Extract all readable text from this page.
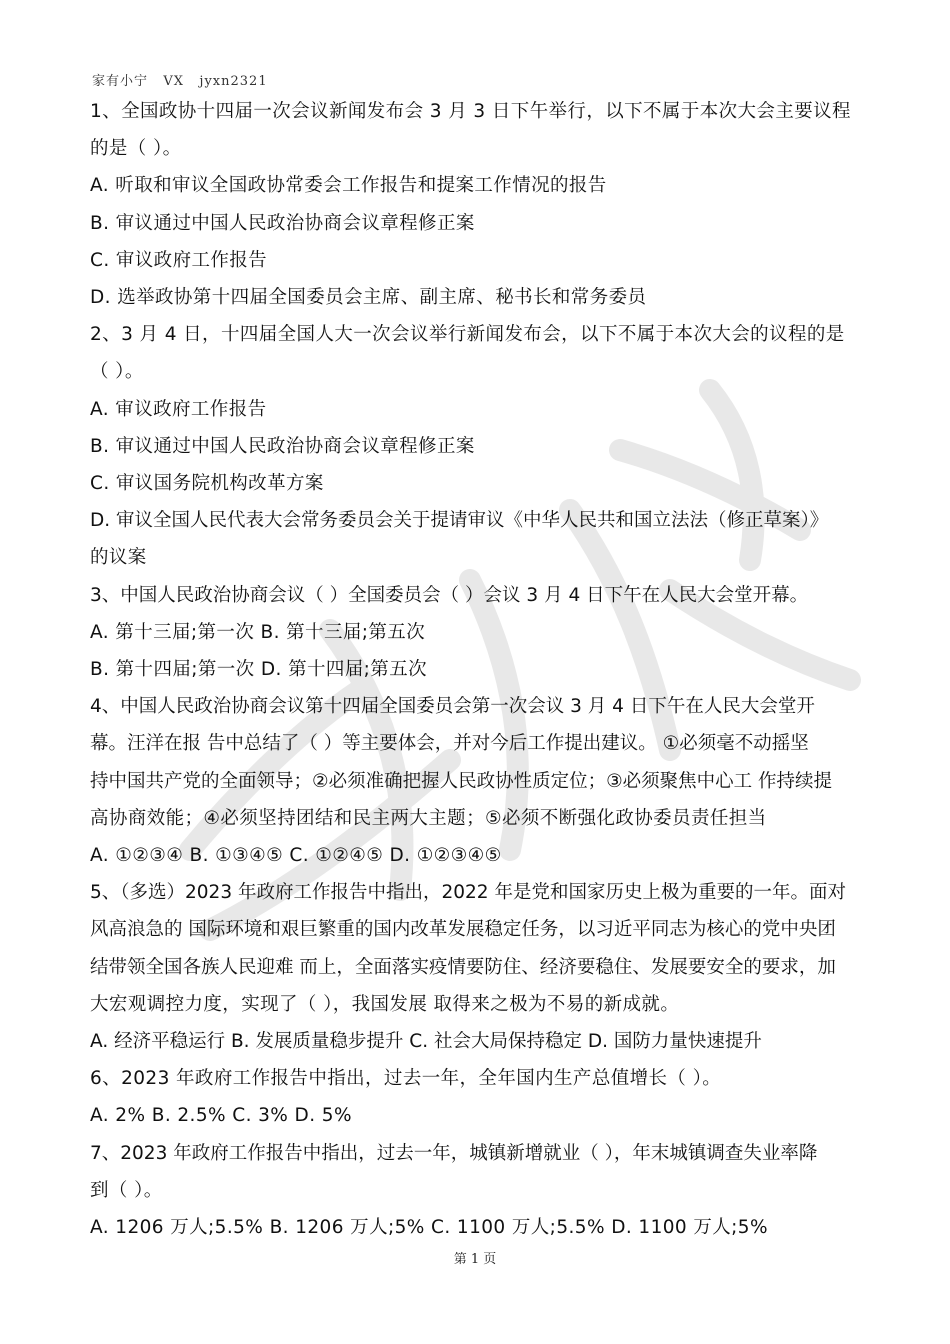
家有小宁   VX   jyxn2321
1、全国政协十四届一次会议新闻发布会 3 月 3 日下午举行，以下不属于本次大会主要议程
的是（ ）。
A. 听取和审议全国政协常委会工作报告和提案工作情况的报告
B. 审议通过中国人民政治协商会议章程修正案
C. 审议政府工作报告
D. 选举政协第十四届全国委员会主席、副主席、秘书长和常务委员
2、3 月 4 日，十四届全国人大一次会议举行新闻发布会，以下不属于本次大会的议程的是
（ ）。
A. 审议政府工作报告
B. 审议通过中国人民政治协商会议章程修正案
C. 审议国务院机构改革方案
D. 审议全国人民代表大会常务委员会关于提请审议《中华人民共和国立法法（修正草案）》
的议案
3、中国人民政治协商会议（ ）全国委员会（ ）会议 3 月 4 日下午在人民大会堂开幕。
A. 第十三届;第一次 B. 第十三届;第五次
B. 第十四届;第一次 D. 第十四届;第五次
4、中国人民政治协商会议第十四届全国委员会第一次会议 3 月 4 日下午在人民大会堂开
幕。汪洋在报 告中总结了（ ）等主要体会，并对今后工作提出建议。 ①必须毫不动摇坚
持中国共产党的全面领导；②必须准确把握人民政协性质定位；③必须聚焦中心工 作持续提
高协商效能；④必须坚持团结和民主两大主题；⑤必须不断强化政协委员责任担当
A. ①②③④ B. ①③④⑤ C. ①②④⑤ D. ①②③④⑤
5、（多选）2023 年政府工作报告中指出，2022 年是党和国家历史上极为重要的一年。面对
风高浪急的 国际环境和艰巨繁重的国内改革发展稳定任务，以习近平同志为核心的党中央团
结带领全国各族人民迎难 而上，全面落实疫情要防住、经济要稳住、发展要安全的要求，加
大宏观调控力度，实现了（ ），我国发展 取得来之极为不易的新成就。
A. 经济平稳运行 B. 发展质量稳步提升 C. 社会大局保持稳定 D. 国防力量快速提升
6、2023 年政府工作报告中指出，过去一年，全年国内生产总值增长（ ）。
A. 2% B. 2.5% C. 3% D. 5%
7、2023 年政府工作报告中指出，过去一年，城镇新增就业（ ），年末城镇调查失业率降
到（ ）。
A. 1206 万人;5.5% B. 1206 万人;5% C. 1100 万人;5.5% D. 1100 万人;5%
第 1 页
